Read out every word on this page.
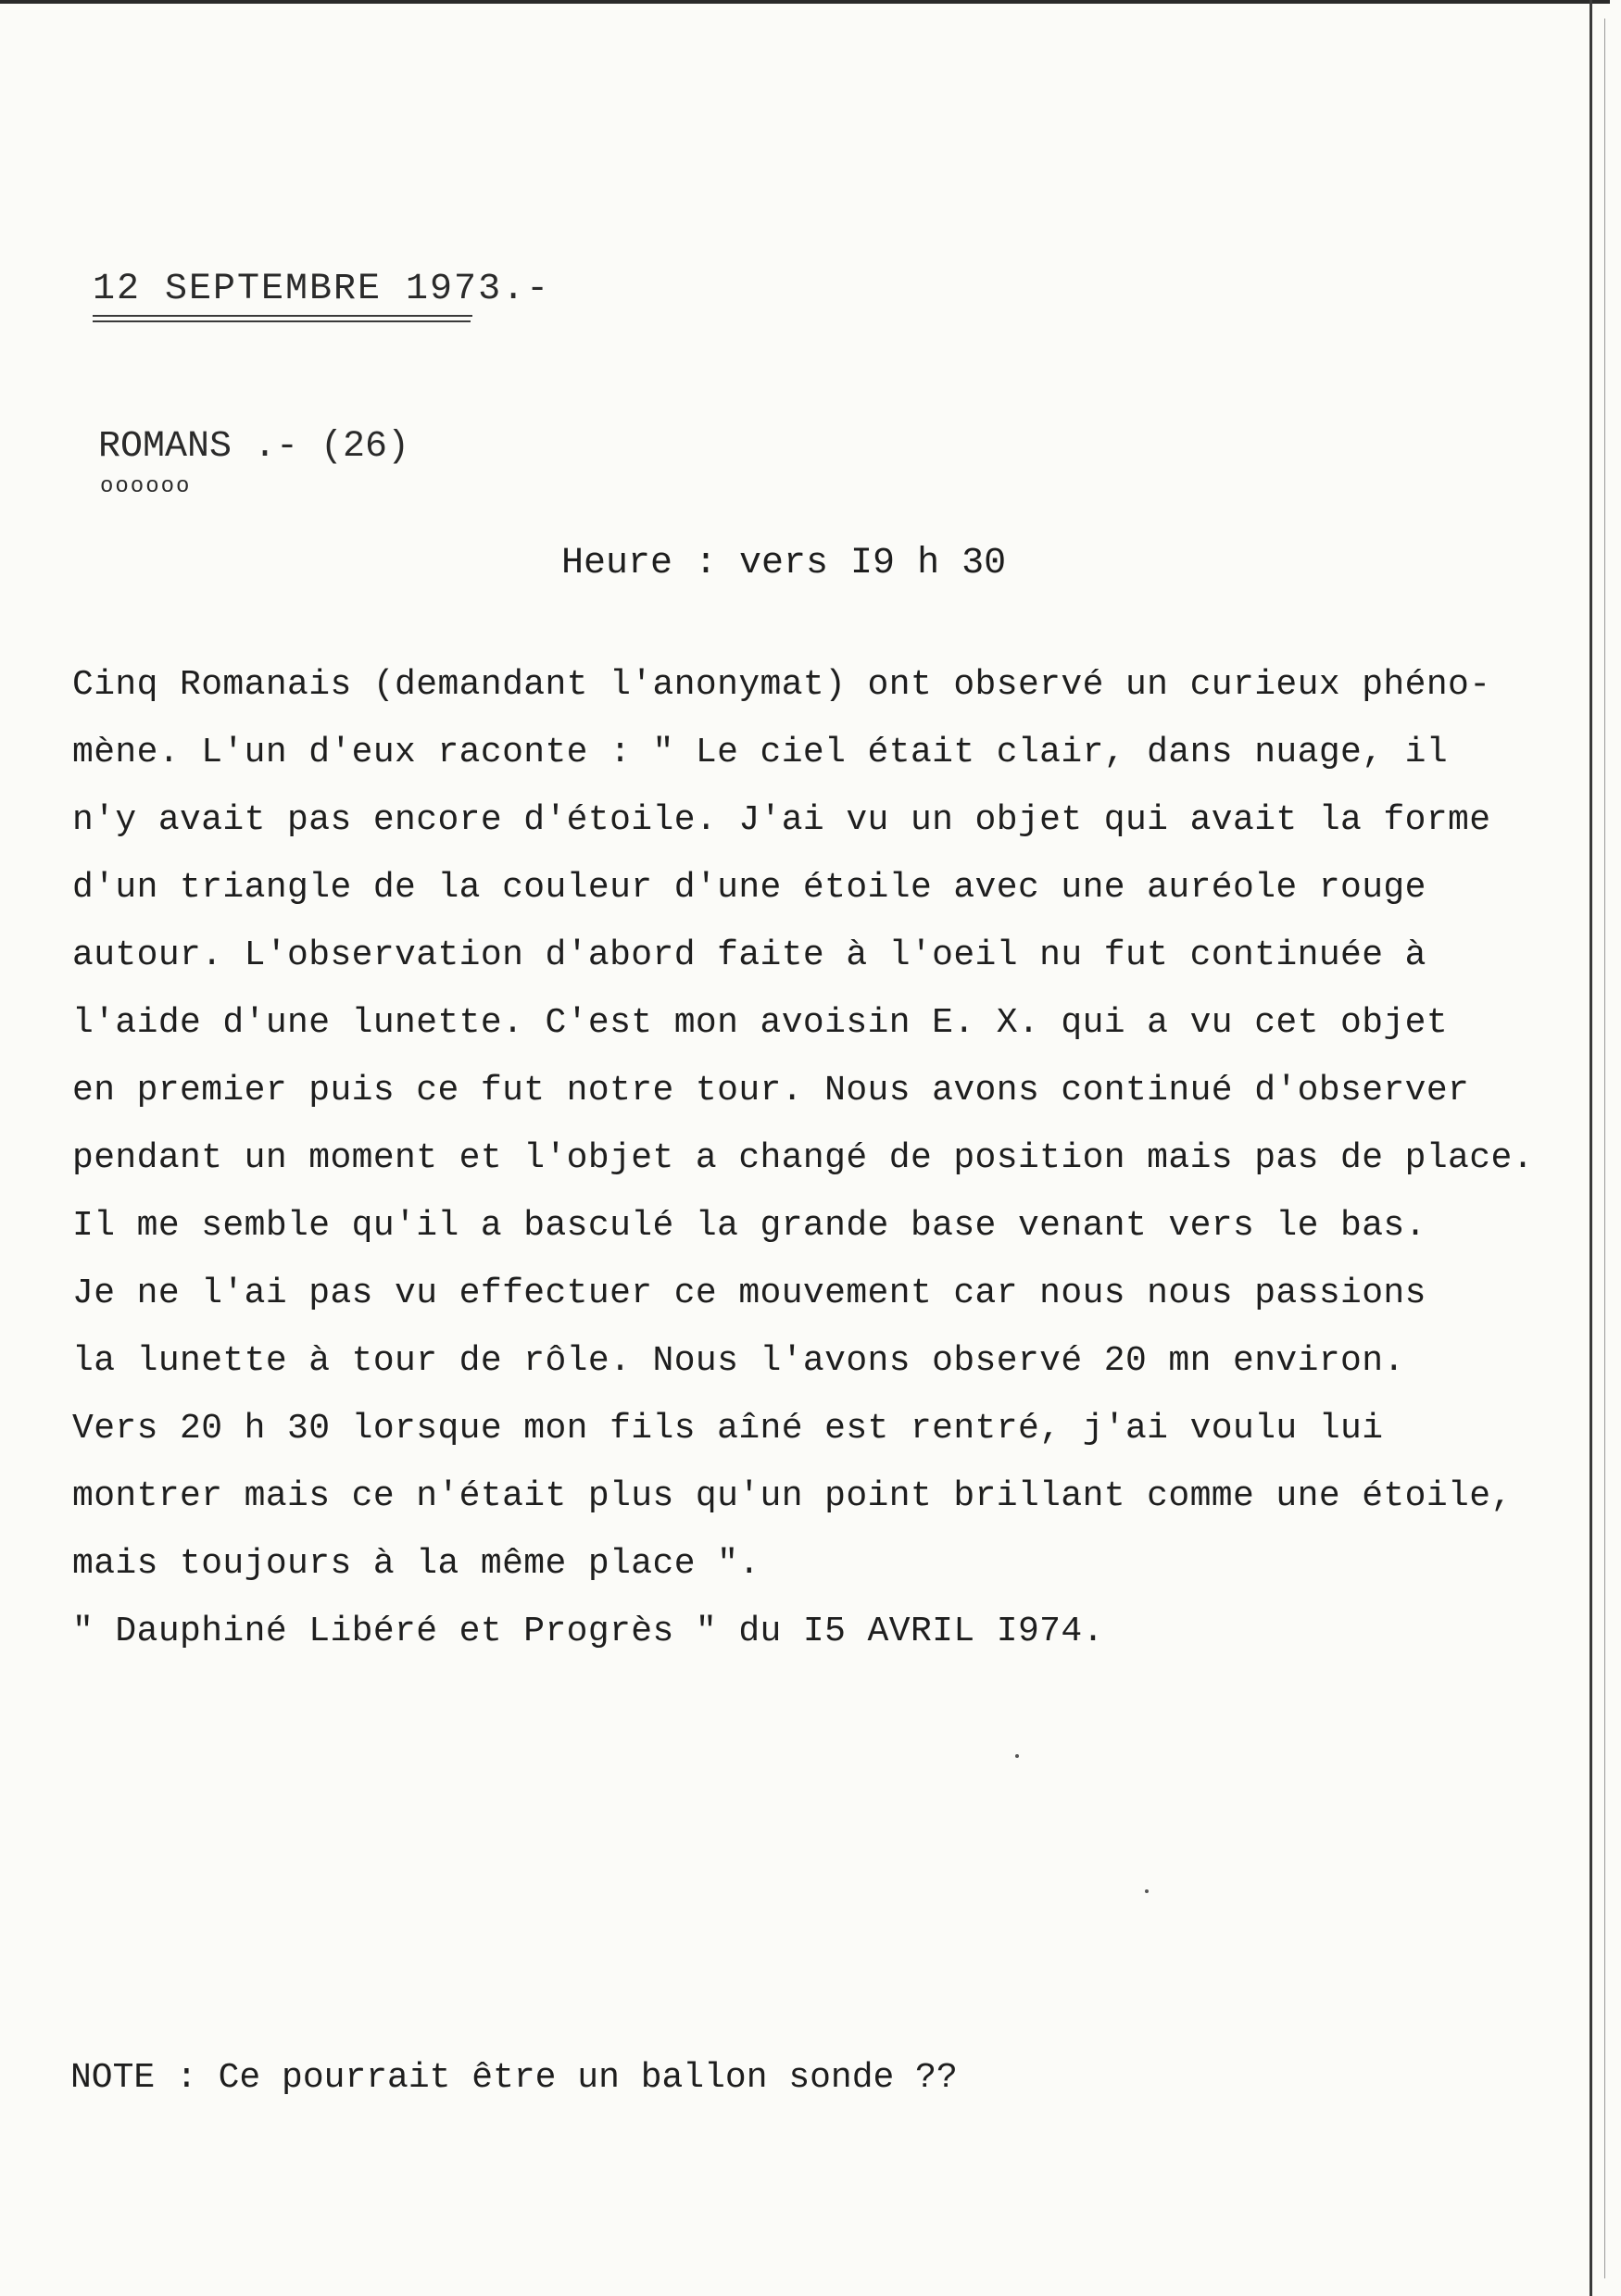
12 SEPTEMBRE 1973.-
ROMANS .- (26)
oooooo
Heure : vers I9 h 30
Cinq Romanais (demandant l'anonymat) ont observé un curieux phéno-
mène. L'un d'eux raconte : " Le ciel était clair, dans nuage, il
n'y avait pas encore d'étoile. J'ai vu un objet qui avait la forme
d'un triangle de la couleur d'une étoile avec une auréole rouge
autour. L'observation d'abord faite à l'oeil nu fut continuée à
l'aide d'une lunette. C'est mon avoisin E. X. qui a vu cet objet
en premier puis ce fut notre tour. Nous avons continué d'observer
pendant un moment et l'objet a changé de position mais pas de place.
Il me semble qu'il a basculé la grande base venant vers le bas.
Je ne l'ai pas vu effectuer ce mouvement car nous nous passions
la lunette à tour de rôle. Nous l'avons observé 20 mn environ.
Vers 20 h 30 lorsque mon fils aîné est rentré, j'ai voulu lui
montrer mais ce n'était plus qu'un point brillant comme une étoile,
mais toujours à la même place ".
" Dauphiné Libéré et Progrès " du I5 AVRIL I974.
NOTE : Ce pourrait être un ballon sonde ??
